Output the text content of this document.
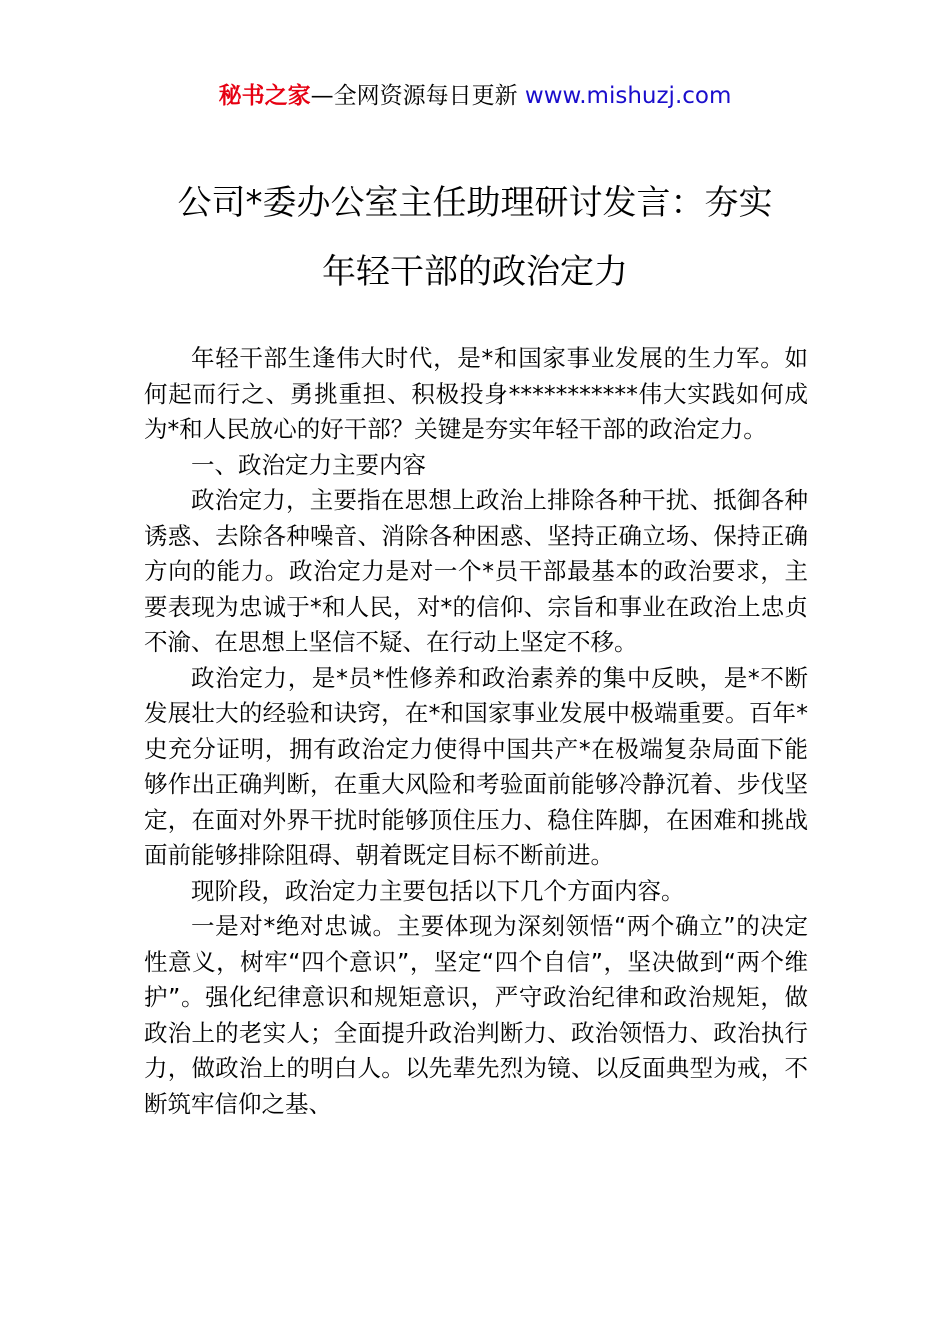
秘书之家—全网资源每日更新 www.mishuzj.com
公司*委办公室主任助理研讨发言：夯实
年轻干部的政治定力

年轻干部生逢伟大时代，是*和国家事业发展的生力军。如何起而行之、勇挑重担、积极投身***********伟大实践如何成为*和人民放心的好干部？关键是夯实年轻干部的政治定力。

一、政治定力主要内容

政治定力，主要指在思想上政治上排除各种干扰、抵御各种诱惑、去除各种噪音、消除各种困惑、坚持正确立场、保持正确方向的能力。政治定力是对一个*员干部最基本的政治要求，主要表现为忠诚于*和人民，对*的信仰、宗旨和事业在政治上忠贞不渝、在思想上坚信不疑、在行动上坚定不移。

政治定力，是*员*性修养和政治素养的集中反映，是*不断发展壮大的经验和诀窍，在*和国家事业发展中极端重要。百年*史充分证明，拥有政治定力使得中国共产*在极端复杂局面下能够作出正确判断，在重大风险和考验面前能够冷静沉着、步伐坚定，在面对外界干扰时能够顶住压力、稳住阵脚，在困难和挑战面前能够排除阻碍、朝着既定目标不断前进。

现阶段，政治定力主要包括以下几个方面内容。

一是对*绝对忠诚。主要体现为深刻领悟“两个确立”的决定性意义，树牢“四个意识”，坚定“四个自信”，坚决做到“两个维护”。强化纪律意识和规矩意识，严守政治纪律和政治规矩，做政治上的老实人；全面提升政治判断力、政治领悟力、政治执行力，做政治上的明白人。以先辈先烈为镜、以反面典型为戒，不断筑牢信仰之基、
